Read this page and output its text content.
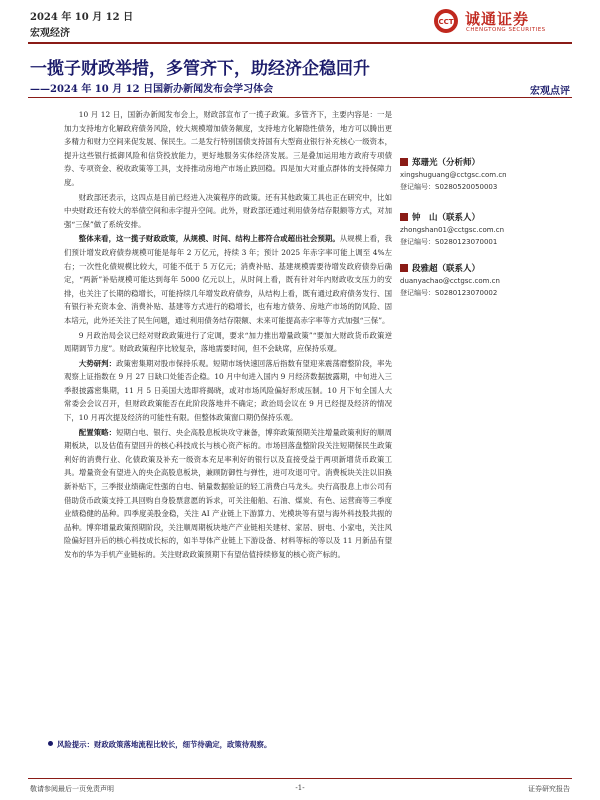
2024 年 10 月 12 日
宏观经济
CCT 诚通证券
CHENGTONG SECURITIES
一揽子财政举措，多管齐下，助经济企稳回升
——2024 年 10 月 12 日国新办新闻发布会学习体会	宏观点评

10 月 12 日，国新办新闻发布会上，财政部宣布了一揽子政策。多管齐下，主要内容是：一是加力支持地方化解政府债务风险，较大规模增加债务额度，支持地方化解隐性债务，地方可以腾出更多精力和财力空间来促发展、保民生。二是发行特别国债支持国有大型商业银行补充核心一级资本，提升这些银行抵御风险和信贷投放能力，更好地服务实体经济发展。三是叠加运用地方政府专项债券、专项资金、税收政策等工具，支持推动房地产市场止跌回稳。四是加大对重点群体的支持保障力度。

财政部还表示，这四点是目前已经进入决策程序的政策。还有其他政策工具也正在研究中，比如中央财政还有较大的举债空间和赤字提升空间。此外，财政部还通过利用债务结存限额等方式，对加强“三保”做了系统安排。

整体来看，这一揽子财政政策，从规模、时间、结构上都符合或超出社会预期。从规模上看，我们预计增发政府债券规模可能是每年 2 万亿元，持续 3 年；预计 2025 年赤字率可能上调至 4%左右；一次性化债规模比较大，可能不低于 5 万亿元；消费补贴、基建规模需要待增发政府债券后确定，“两新”补贴规模可能达到每年 5000 亿元以上，从时间上看，既有针对年内财政收支压力的安排，也关注了长期的稳增长，可能持续几年增发政府债券，从结构上看，既有通过政府债务发行、国有银行补充资本金、消费补贴、基建等方式进行的稳增长，也有地方债务、房地产市场的防风险、固本培元，此外还关注了民生问题，通过利用债务结存限额、未来可能提高赤字率等方式加强“三保”。

9 月政治局会议已经对财政政策进行了定调，要求“加力推出增量政策”“要加大财政货币政策逆周期调节力度”。财政政策程序比较复杂，落地需要时间，但不会缺席，应保持乐观。

大势研判：政策密集期对股市保持乐观。短期市场快速回落后指数有望迎来震荡磨整阶段，率先观察上证指数在 9 月 27 日缺口处能否企稳。10 月中旬进入国内 9 月经济数据披露期，中旬进入三季报披露密集期，11 月 5 日美国大选即将揭晓，或对市场风险偏好形成压制。10 月下旬全国人大常委会会议召开，但财政政策能否在此阶段落地并不确定；政治局会议在 9 月已经提及经济的情况下，10 月再次提及经济的可能性有限。但整体政策窗口期仍保持乐观。

配置策略：短期白电、银行、央企高股息板块攻守兼备，博弈政策预期关注增量政策利好的顺周期板块，以及估值有望回升的核心科技成长与核心资产标的。市场回落盘整阶段关注短期保民生政策利好的消费行业、化债政策及补充一级资本充足率利好的银行以及直接受益于两项新增货币政策工具。增量资金有望进入的央企高股息板块，兼顾防御性与弹性，进可攻退可守。消费板块关注以旧换新补贴下，三季报业绩确定性强的白电、销量数据验证的轻工消费白马龙头。央行高股息上市公司有借助货币政策支持工具回购自身股票意愿的诉求，可关注船舶、石油、煤炭、有色、运营商等三季度业绩稳健的品种。四季度美股金稳，关注 AI 产业链上下游算力、光模块等有望与海外科技股共振的品种。博弈增量政策预期阶段，关注顺周期板块地产产业链相关建材、家居、厨电、小家电，关注风险偏好回升后的核心科技成长标的，如半导体产业链上下游设备、材料等标的等以及 11 月新品有望发布的华为手机产业链标的。关注财政政策预期下有望估值持续修复的核心资产标的。

风险提示：财政政策落地流程比较长，细节待确定，政策待观察。
郑珊光（分析师）
xingshuguang@cctgsc.com.cn
登记编号：S0280520050003
钟　山（联系人）
zhongshan01@cctgsc.com.cn
登记编号：S0280123070001
段雅超（联系人）
duanyachao@cctgsc.com.cn
登记编号：S0280123070002
敬请参阅最后一页免责声明	-1-	证券研究报告
